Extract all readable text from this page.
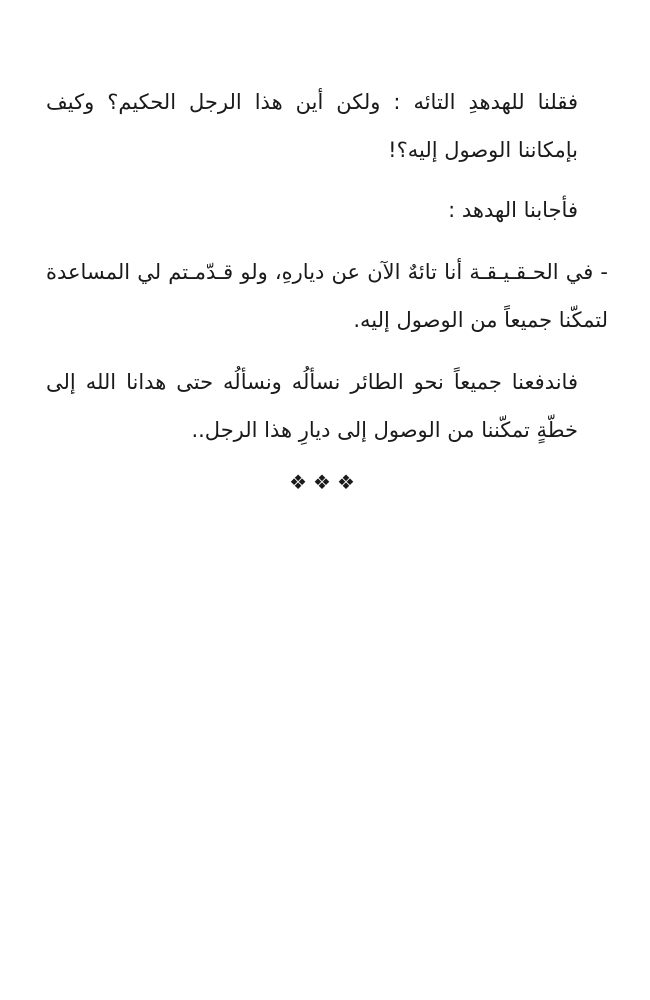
فقلنا للهدهدِ التائه : ولكن أين هذا الرجل الحكيم؟ وكيف بإمكاننا الوصول إليه؟!

فأجابنا الهدهد :

- في الحـقـيـقـة أنا تائهٌ الآن عن ديارهِ، ولو قـدّمـتم لي المساعدة لتمكّنا جميعاً من الوصول إليه.

فاندفعنا جميعاً نحو الطائر نسألُه ونسألُه حتى هدانا الله إلى خطّةٍ تمكّننا من الوصول إلى ديارِ هذا الرجل..

❖❖❖
